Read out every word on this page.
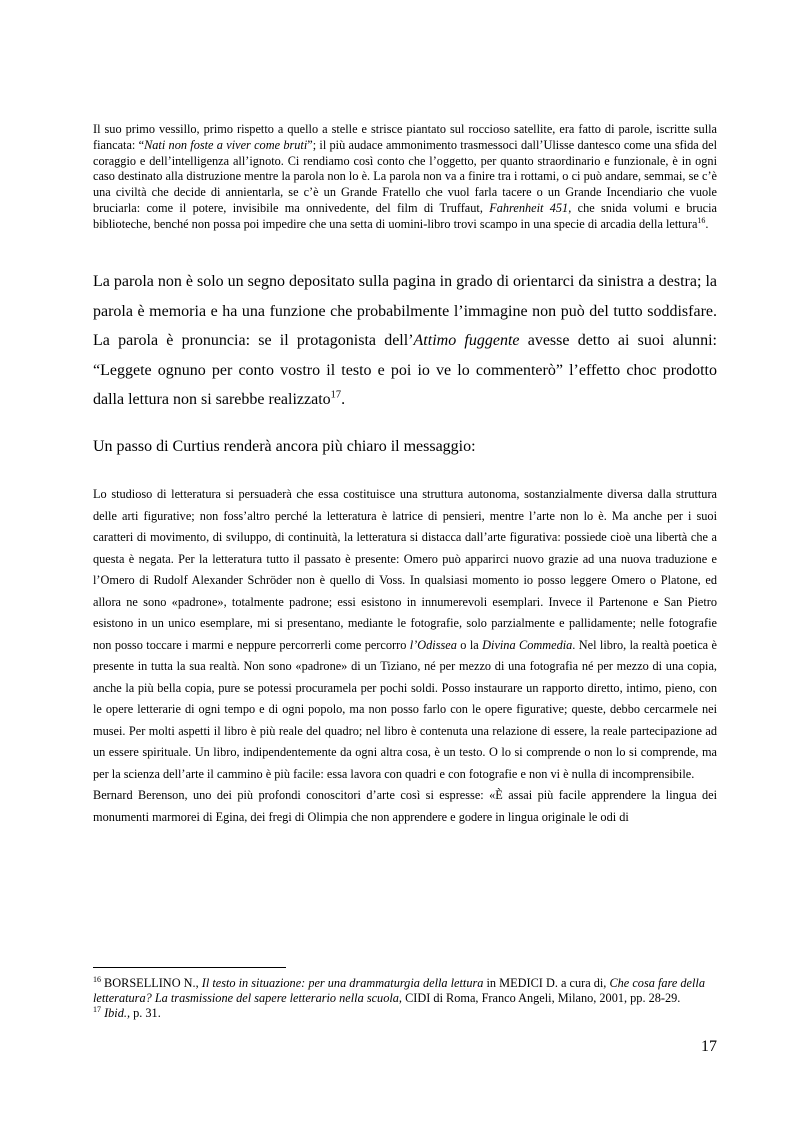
Il suo primo vessillo, primo rispetto a quello a stelle e strisce piantato sul roccioso satellite, era fatto di parole, iscritte sulla fiancata: “Nati non foste a viver come bruti”; il più audace ammonimento trasmessoci dall’Ulisse dantesco come una sfida del coraggio e dell’intelligenza all’ignoto. Ci rendiamo così conto che l’oggetto, per quanto straordinario e funzionale, è in ogni caso destinato alla distruzione mentre la parola non lo è. La parola non va a finire tra i rottami, o ci può andare, semmai, se c’è una civiltà che decide di annientarla, se c’è un Grande Fratello che vuol farla tacere o un Grande Incendiario che vuole bruciarla: come il potere, invisibile ma onnivedente, del film di Truffaut, Fahrenheit 451, che snida volumi e brucia biblioteche, benché non possa poi impedire che una setta di uomini-libro trovi scampo in una specie di arcadia della lettura$^{16}$.

La parola non è solo un segno depositato sulla pagina in grado di orientarci da sinistra a destra; la parola è memoria e ha una funzione che probabilmente l’immagine non può del tutto soddisfare. La parola è pronuncia: se il protagonista dell’Attimo fuggente avesse detto ai suoi alunni: “Leggete ognuno per conto vostro il testo e poi io ve lo commenterò” l’effetto choc prodotto dalla lettura non si sarebbe realizzato$^{17}$.

Un passo di Curtius renderà ancora più chiaro il messaggio:

Lo studioso di letteratura si persuaderà che essa costituisce una struttura autonoma, sostanzialmente diversa dalla struttura delle arti figurative; non foss’altro perché la letteratura è latrice di pensieri, mentre l’arte non lo è. Ma anche per i suoi caratteri di movimento, di sviluppo, di continuità, la letteratura si distacca dall’arte figurativa: possiede cioè una libertà che a questa è negata. Per la letteratura tutto il passato è presente: Omero può apparirci nuovo grazie ad una nuova traduzione e l’Omero di Rudolf Alexander Schröder non è quello di Voss. In qualsiasi momento io posso leggere Omero o Platone, ed allora ne sono «padrone», totalmente padrone; essi esistono in innumerevoli esemplari. Invece il Partenone e San Pietro esistono in un unico esemplare, mi si presentano, mediante le fotografie, solo parzialmente e pallidamente; nelle fotografie non posso toccare i marmi e neppure percorrerli come percorro l’Odissea o la Divina Commedia. Nel libro, la realtà poetica è presente in tutta la sua realtà. Non sono «padrone» di un Tiziano, né per mezzo di una fotografia né per mezzo di una copia, anche la più bella copia, pure se potessi procuramela per pochi soldi. Posso instaurare un rapporto diretto, intimo, pieno, con le opere letterarie di ogni tempo e di ogni popolo, ma non posso farlo con le opere figurative; queste, debbo cercarmele nei musei. Per molti aspetti il libro è più reale del quadro; nel libro è contenuta una relazione di essere, la reale partecipazione ad un essere spirituale. Un libro, indipendentemente da ogni altra cosa, è un testo. O lo si comprende o non lo si comprende, ma per la scienza dell’arte il cammino è più facile: essa lavora con quadri e con fotografie e non vi è nulla di incomprensibile.

Bernard Berenson, uno dei più profondi conoscitori d’arte così si espresse: «È assai più facile apprendere la lingua dei monumenti marmorei di Egina, dei fregi di Olimpia che non apprendere e godere in lingua originale le odi di

$^{16}$ BORSELLINO N., Il testo in situazione: per una drammaturgia della lettura in MEDICI D. a cura di, Che cosa fare della letteratura? La trasmissione del sapere letterario nella scuola, CIDI di Roma, Franco Angeli, Milano, 2001, pp. 28-29.

$^{17}$ Ibid., p. 31.

17
